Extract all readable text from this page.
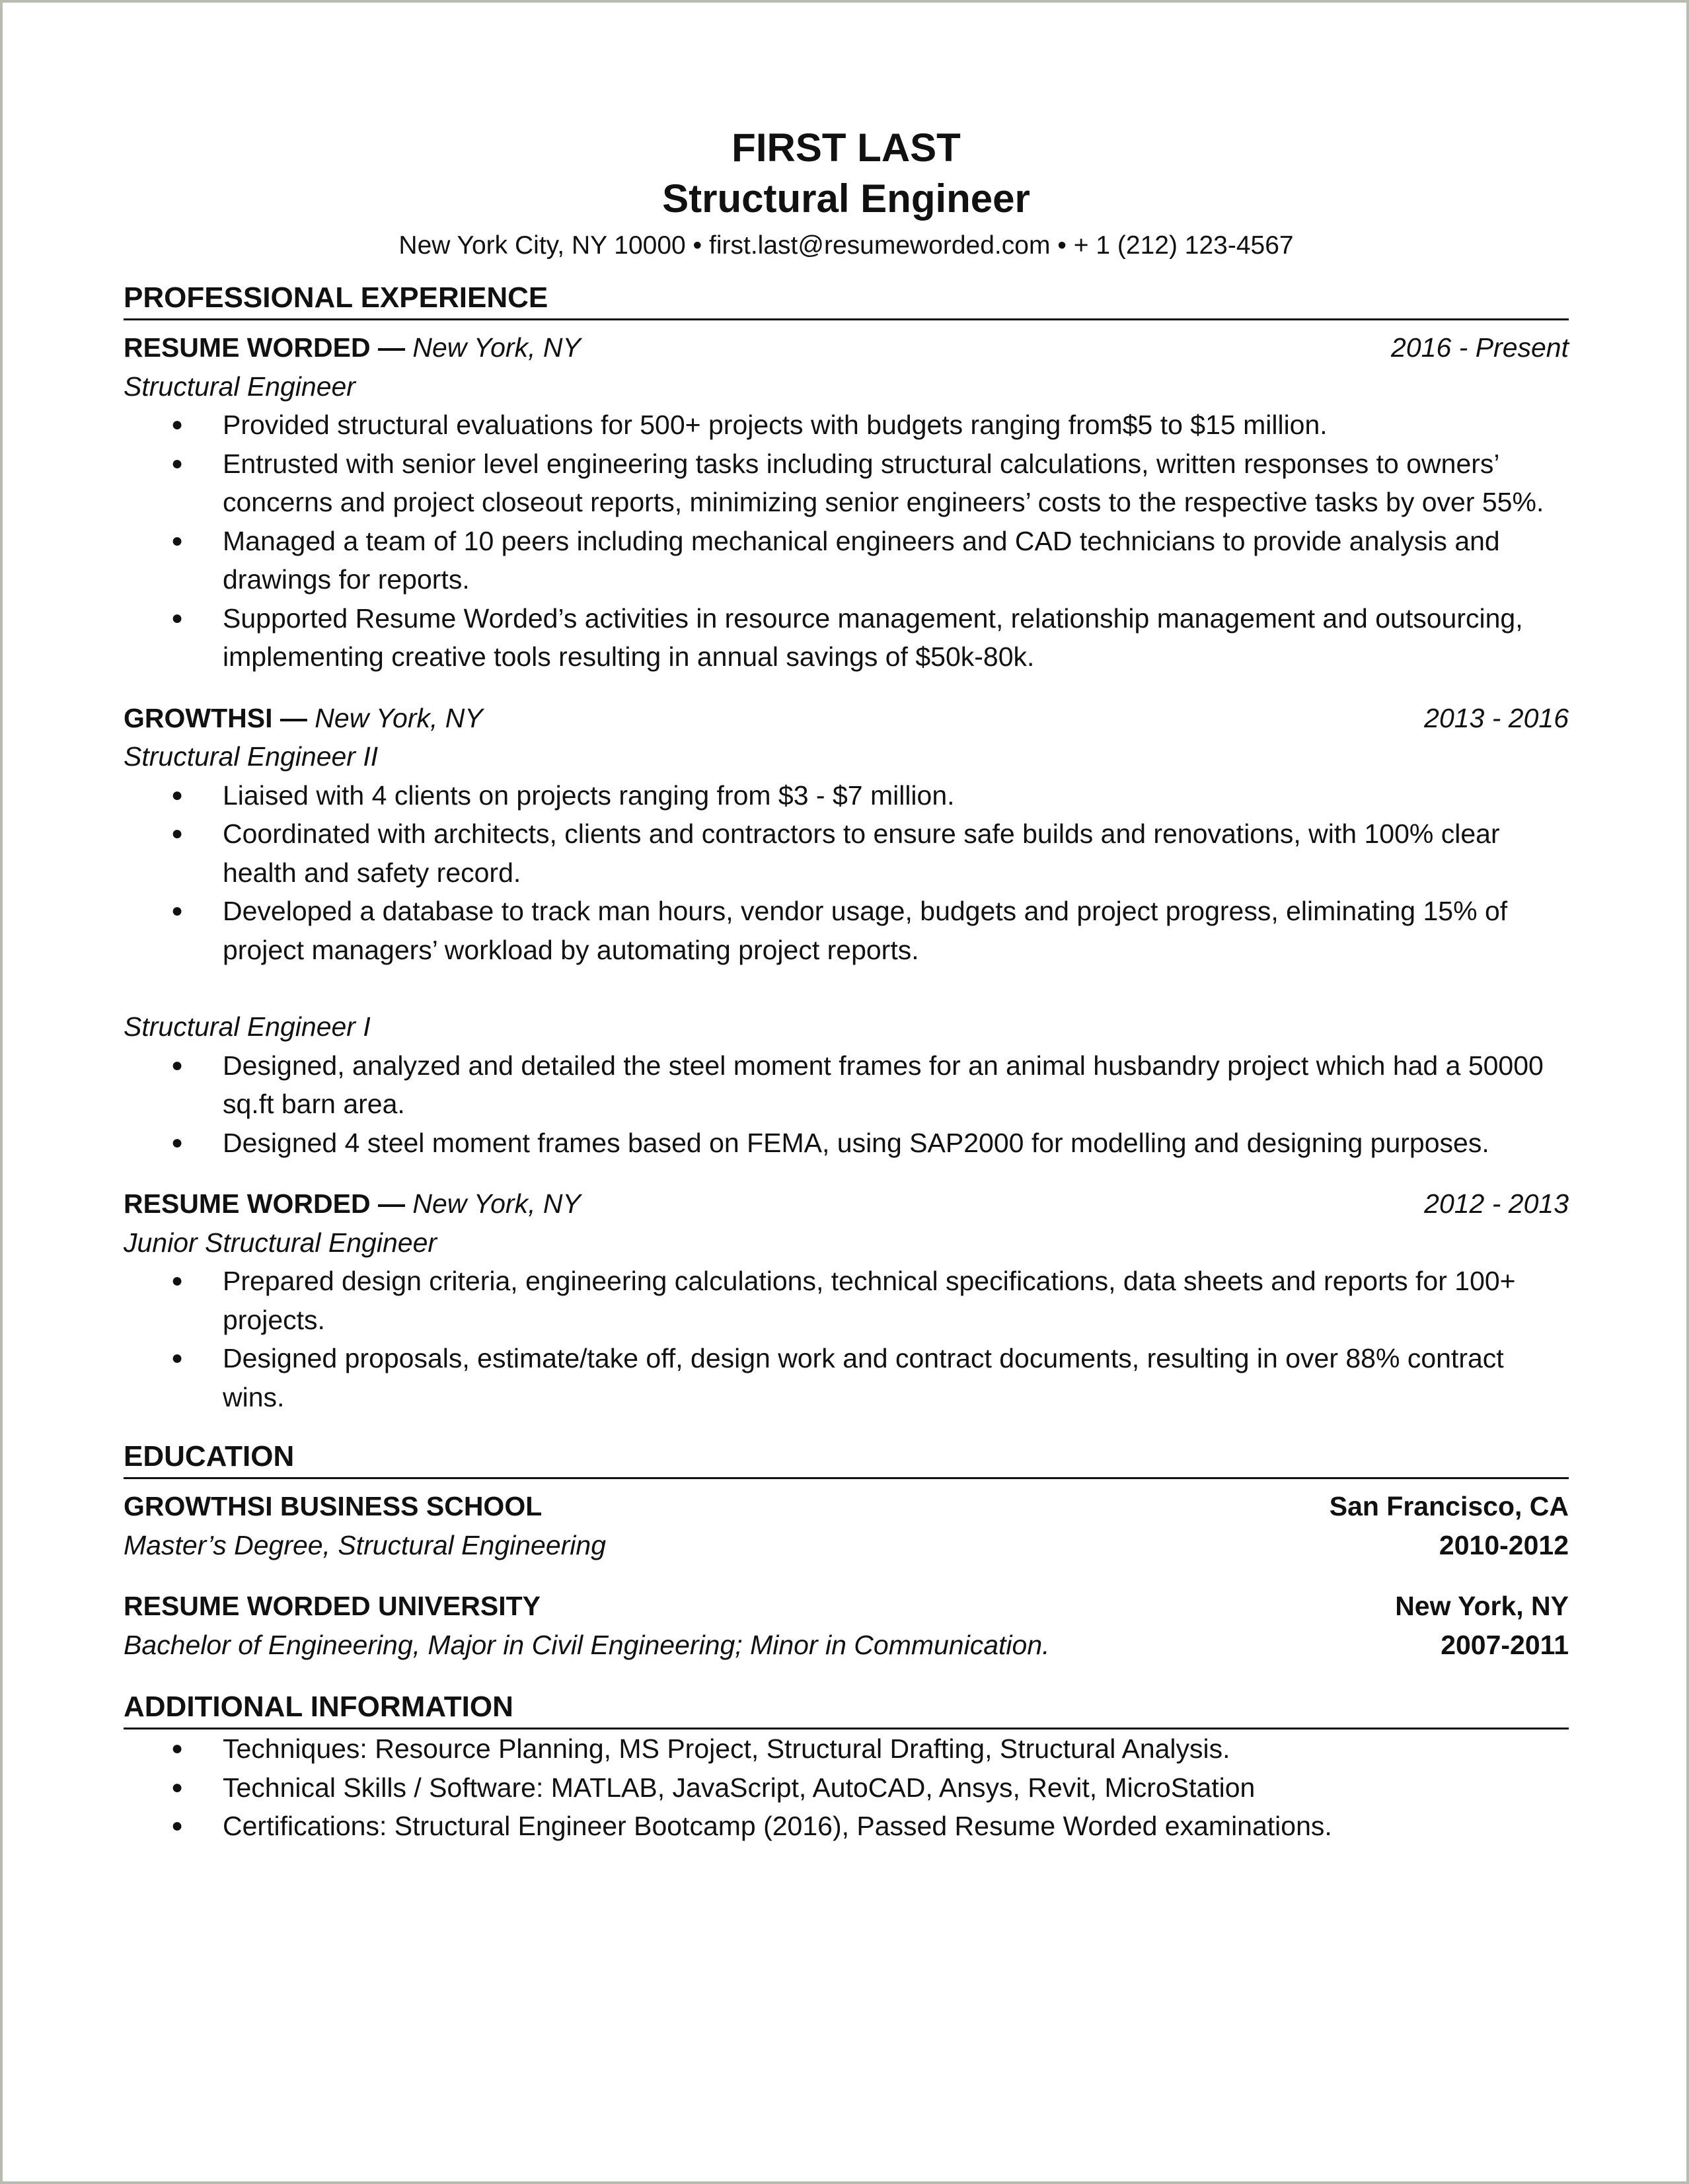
FIRST LAST
Structural Engineer
New York City, NY 10000 • first.last@resumeworded.com • + 1 (212) 123-4567
PROFESSIONAL EXPERIENCE
RESUME WORDED — New York, NY	2016 - Present
Structural Engineer
● Provided structural evaluations for 500+ projects with budgets ranging from$5 to $15 million.
● Entrusted with senior level engineering tasks including structural calculations, written responses to owners’ concerns and project closeout reports, minimizing senior engineers’ costs to the respective tasks by over 55%.
● Managed a team of 10 peers including mechanical engineers and CAD technicians to provide analysis and drawings for reports.
● Supported Resume Worded’s activities in resource management, relationship management and outsourcing, implementing creative tools resulting in annual savings of $50k-80k.
GROWTHSI — New York, NY	2013 - 2016
Structural Engineer II
● Liaised with 4 clients on projects ranging from $3 - $7 million.
● Coordinated with architects, clients and contractors to ensure safe builds and renovations, with 100% clear health and safety record.
● Developed a database to track man hours, vendor usage, budgets and project progress, eliminating 15% of project managers’ workload by automating project reports.
Structural Engineer I
● Designed, analyzed and detailed the steel moment frames for an animal husbandry project which had a 50000 sq.ft barn area.
● Designed 4 steel moment frames based on FEMA, using SAP2000 for modelling and designing purposes.
RESUME WORDED — New York, NY	2012 - 2013
Junior Structural Engineer
● Prepared design criteria, engineering calculations, technical specifications, data sheets and reports for 100+ projects.
● Designed proposals, estimate/take off, design work and contract documents, resulting in over 88% contract wins.
EDUCATION
GROWTHSI BUSINESS SCHOOL	San Francisco, CA
Master’s Degree, Structural Engineering	2010-2012
RESUME WORDED UNIVERSITY	New York, NY
Bachelor of Engineering, Major in Civil Engineering; Minor in Communication.	2007-2011
ADDITIONAL INFORMATION
● Techniques: Resource Planning, MS Project, Structural Drafting, Structural Analysis.
● Technical Skills / Software: MATLAB, JavaScript, AutoCAD, Ansys, Revit, MicroStation
● Certifications: Structural Engineer Bootcamp (2016), Passed Resume Worded examinations.
